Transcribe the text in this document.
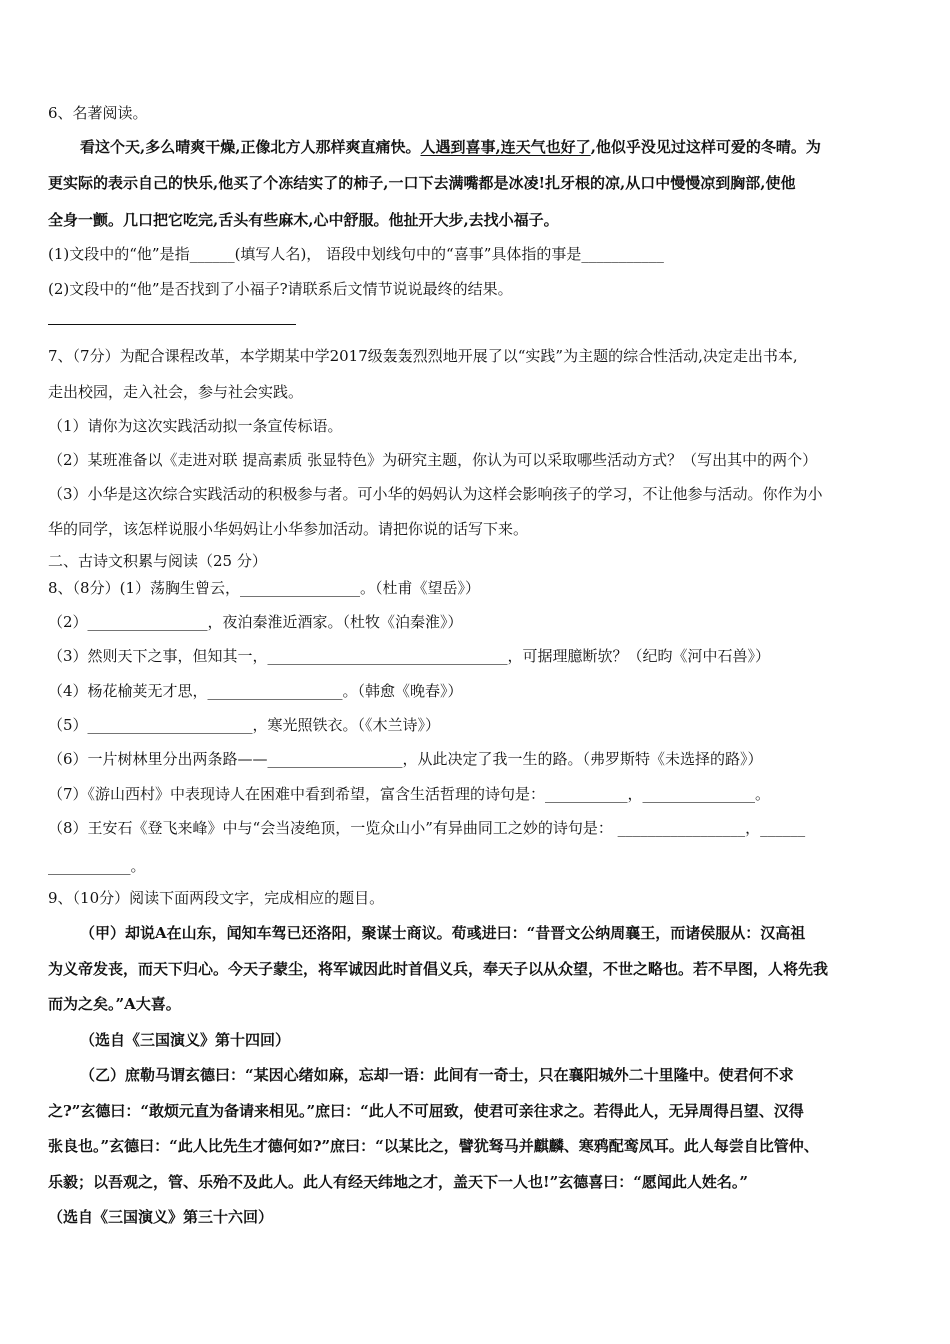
6、名著阅读。
看这个天,多么晴爽干燥,正像北方人那样爽直痛快。人遇到喜事,连天气也好了,他似乎没见过这样可爱的冬晴。为
更实际的表示自己的快乐,他买了个冻结实了的柿子,一口下去满嘴都是冰凌!扎牙根的凉,从口中慢慢凉到胸部,使他
全身一颤。几口把它吃完,舌头有些麻木,心中舒服。他扯开大步,去找小福子。
(1)文段中的“他”是指______(填写人名)， 语段中划线句中的“喜事”具体指的事是___________
(2)文段中的“他”是否找到了小福子?请联系后文情节说说最终的结果。
7、（7分）为配合课程改革，本学期某中学2017级轰轰烈烈地开展了以“实践”为主题的综合性活动,决定走出书本,
走出校园，走入社会，参与社会实践。
（1）请你为这次实践活动拟一条宣传标语。
（2）某班准备以《走进对联 提高素质 张显特色》为研究主题，你认为可以采取哪些活动方式？（写出其中的两个）
（3）小华是这次综合实践活动的积极参与者。可小华的妈妈认为这样会影响孩子的学习，不让他参与活动。你作为小
华的同学，该怎样说服小华妈妈让小华参加活动。请把你说的话写下来。
二、古诗文积累与阅读（25 分）
8、（8分）(1）荡胸生曾云，________________。（杜甫《望岳》）
（2）________________，夜泊秦淮近酒家。（杜牧《泊秦淮》）
（3）然则天下之事，但知其一，________________________________，可据理臆断欤？（纪昀《河中石兽》）
（4）杨花榆荚无才思，__________________。（韩愈《晚春》）
（5）______________________，寒光照铁衣。（《木兰诗》）
（6）一片树林里分出两条路——__________________，从此决定了我一生的路。（弗罗斯特《未选择的路》）
（7）《游山西村》中表现诗人在困难中看到希望，富含生活哲理的诗句是：___________，_______________。
（8）王安石《登飞来峰》中与“会当凌绝顶，一览众山小”有异曲同工之妙的诗句是： _________________，______
___________。
9、（10分）阅读下面两段文字，完成相应的题目。
（甲）却说A在山东，闻知车驾已还洛阳，聚谋士商议。荀彧进曰：“昔晋文公纳周襄王，而诸侯服从：汉高祖
为义帝发丧，而天下归心。今天子蒙尘，将军诚因此时首倡义兵，奉天子以从众望，不世之略也。若不早图，人将先我
而为之矣。”A大喜。
（选自《三国演义》第十四回）
（乙）庶勒马谓玄德曰：“某因心绪如麻，忘却一语：此间有一奇士，只在襄阳城外二十里隆中。使君何不求
之?”玄德曰：“敢烦元直为备请来相见。”庶曰：“此人不可屈致，使君可亲往求之。若得此人，无异周得吕望、汉得
张良也。”玄德曰：“此人比先生才德何如?”庶曰：“以某比之，譬犹驽马并麒麟、寒鸦配鸾凤耳。此人每尝自比管仲、
乐毅；以吾观之，管、乐殆不及此人。此人有经天纬地之才，盖天下一人也!”玄德喜曰：“愿闻此人姓名。”
（选自《三国演义》第三十六回）
